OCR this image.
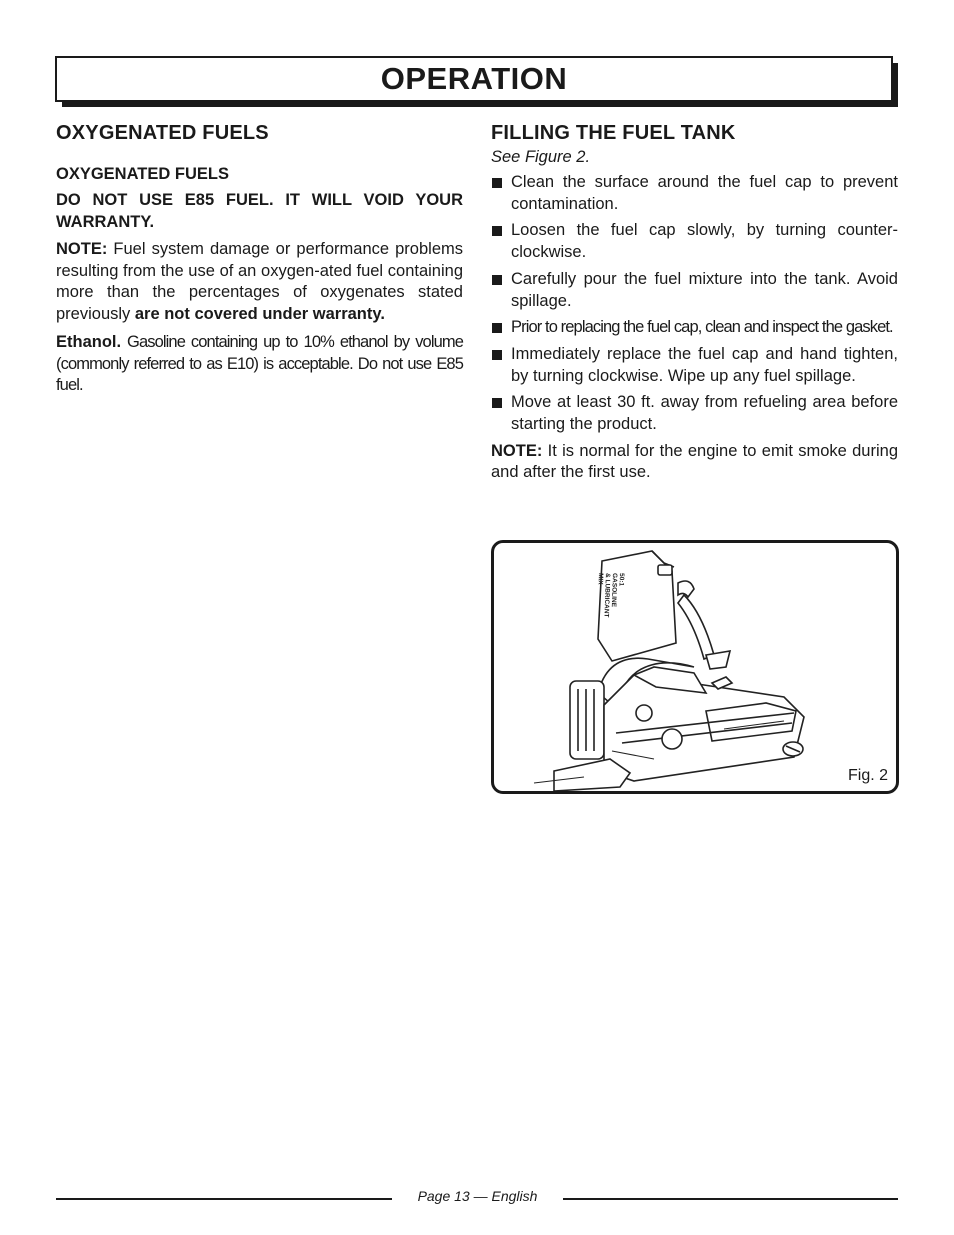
OPERATION
OXYGENATED FUELS
OXYGENATED FUELS
DO NOT USE E85 FUEL. IT WILL VOID YOUR WARRANTY.

NOTE: Fuel system damage or performance problems resulting from the use of an oxygen-ated fuel containing more than the percentages of oxygenates stated previously are not covered under warranty.

Ethanol. Gasoline containing up to 10% ethanol by volume (commonly referred to as E10) is acceptable. Do not use E85 fuel.

FILLING THE FUEL TANK
See Figure 2.
Clean the surface around the fuel cap to prevent contamination.
Loosen the fuel cap slowly, by turning counter-clockwise.
Carefully pour the fuel mixture into the tank. Avoid spillage.
Prior to replacing the fuel cap, clean and inspect the gasket.
Immediately replace the fuel cap and hand tighten, by turning clockwise. Wipe up any fuel spillage.
Move at least 30 ft. away from refueling area before starting the product.

NOTE: It is normal for the engine to emit smoke during and after the first use.

50:1
GASOLINE
& LUBRICANT
MIX
Fig. 2
Page 13 — English
